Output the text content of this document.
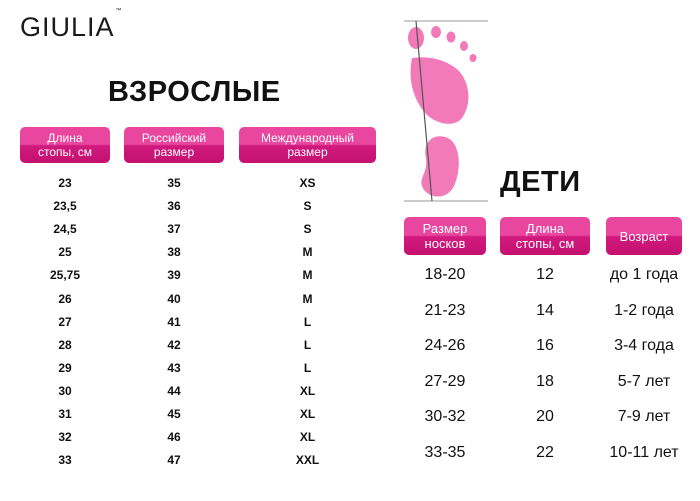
GIULIA™
ВЗРОСЛЫЕ
Длина
стопы, см
Российский
размер
Международный
размер
23
23,5
24,5
25
25,75
26
27
28
29
30
31
32
33
35
36
37
38
39
40
41
42
43
44
45
46
47
XS
S
S
M
M
M
L
L
L
XL
XL
XL
XXL
ДЕТИ
Размер
носков
Длина
стопы, см	Возраст
18-20
21-23
24-26
27-29
30-32
33-35
12
14
16
18
20
22
до 1 года
1-2 года
3-4 года
5-7 лет
7-9 лет
10-11 лет
